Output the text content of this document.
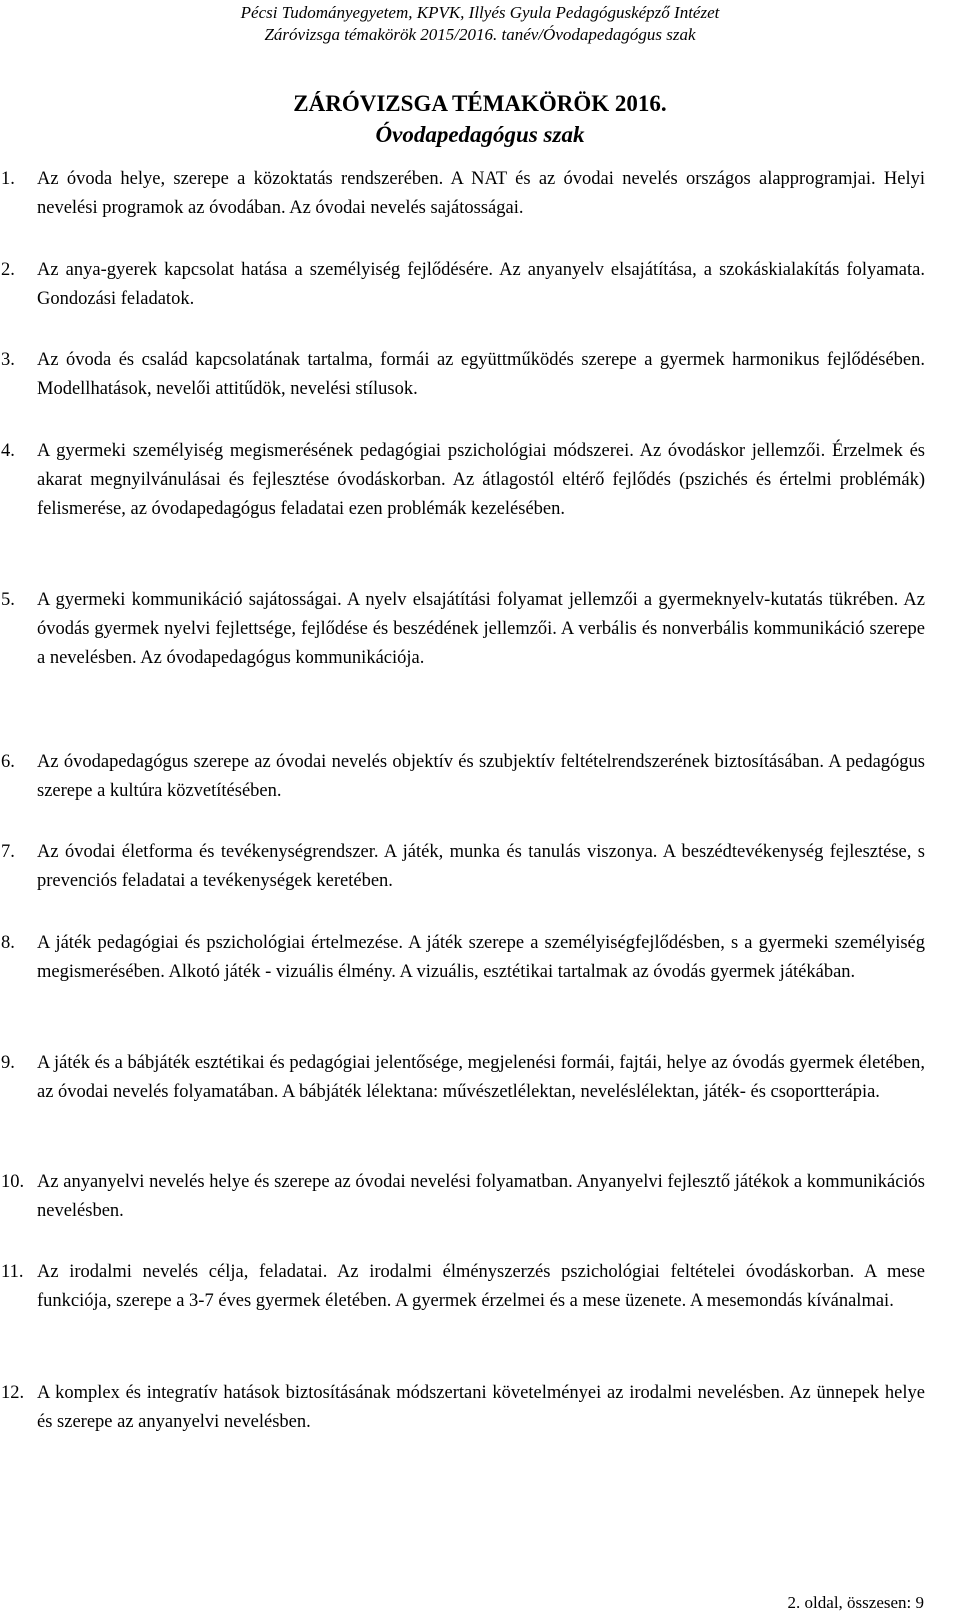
Pécsi Tudományegyetem, KPVK, Illyés Gyula Pedagógusképző Intézet
Záróvizsga témakörök 2015/2016. tanév/Óvodapedagógus szak
ZÁRÓVIZSGA TÉMAKÖRÖK 2016.
Óvodapedagógus szak
1.	Az óvoda helye, szerepe a közoktatás rendszerében. A NAT és az óvodai nevelés országos alapprogramjai. Helyi nevelési programok az óvodában. Az óvodai nevelés sajátosságai.
2.	Az anya-gyerek kapcsolat hatása a személyiség fejlődésére. Az anyanyelv elsajátítása, a szokáskialakítás folyamata. Gondozási feladatok.
3.	Az óvoda és család kapcsolatának tartalma, formái az együttműködés szerepe a gyermek harmonikus fejlődésében. Modellhatások, nevelői attitűdök, nevelési stílusok.
4.	A gyermeki személyiség megismerésének pedagógiai pszichológiai módszerei. Az óvodáskor jellemzői. Érzelmek és akarat megnyilvánulásai és fejlesztése óvodáskorban. Az átlagostól eltérő fejlődés (pszichés és értelmi problémák) felismerése, az óvodapedagógus feladatai ezen problémák kezelésében.
5.	A gyermeki kommunikáció sajátosságai. A nyelv elsajátítási folyamat jellemzői a gyermeknyelv-kutatás tükrében. Az óvodás gyermek nyelvi fejlettsége, fejlődése és beszédének jellemzői. A verbális és nonverbális kommunikáció szerepe a nevelésben. Az óvodapedagógus kommunikációja.
6.	Az óvodapedagógus szerepe az óvodai nevelés objektív és szubjektív feltételrendszerének biztosításában. A pedagógus szerepe a kultúra közvetítésében.
7.	Az óvodai életforma és tevékenységrendszer. A játék, munka és tanulás viszonya. A beszédtevékenység fejlesztése, s prevenciós feladatai a tevékenységek keretében.
8.	A játék pedagógiai és pszichológiai értelmezése. A játék szerepe a személyiségfejlődésben, s a gyermeki személyiség megismerésében. Alkotó játék - vizuális élmény. A vizuális, esztétikai tartalmak az óvodás gyermek játékában.
9.	A játék és a bábjáték esztétikai és pedagógiai jelentősége, megjelenési formái, fajtái, helye az óvodás gyermek életében, az óvodai nevelés folyamatában. A bábjáték lélektana: művészetlélektan, neveléslélektan, játék- és csoportterápia.
10. Az anyanyelvi nevelés helye és szerepe az óvodai nevelési folyamatban. Anyanyelvi fejlesztő játékok a kommunikációs nevelésben.
11. Az irodalmi nevelés célja, feladatai. Az irodalmi élményszerzés pszichológiai feltételei óvodáskorban. A mese funkciója, szerepe a 3-7 éves gyermek életében. A gyermek érzelmei és a mese üzenete. A mesemondás kívánalmai.
12. A komplex és integratív hatások biztosításának módszertani követelményei az irodalmi nevelésben. Az ünnepek helye és szerepe az anyanyelvi nevelésben.
2. oldal, összesen: 9
